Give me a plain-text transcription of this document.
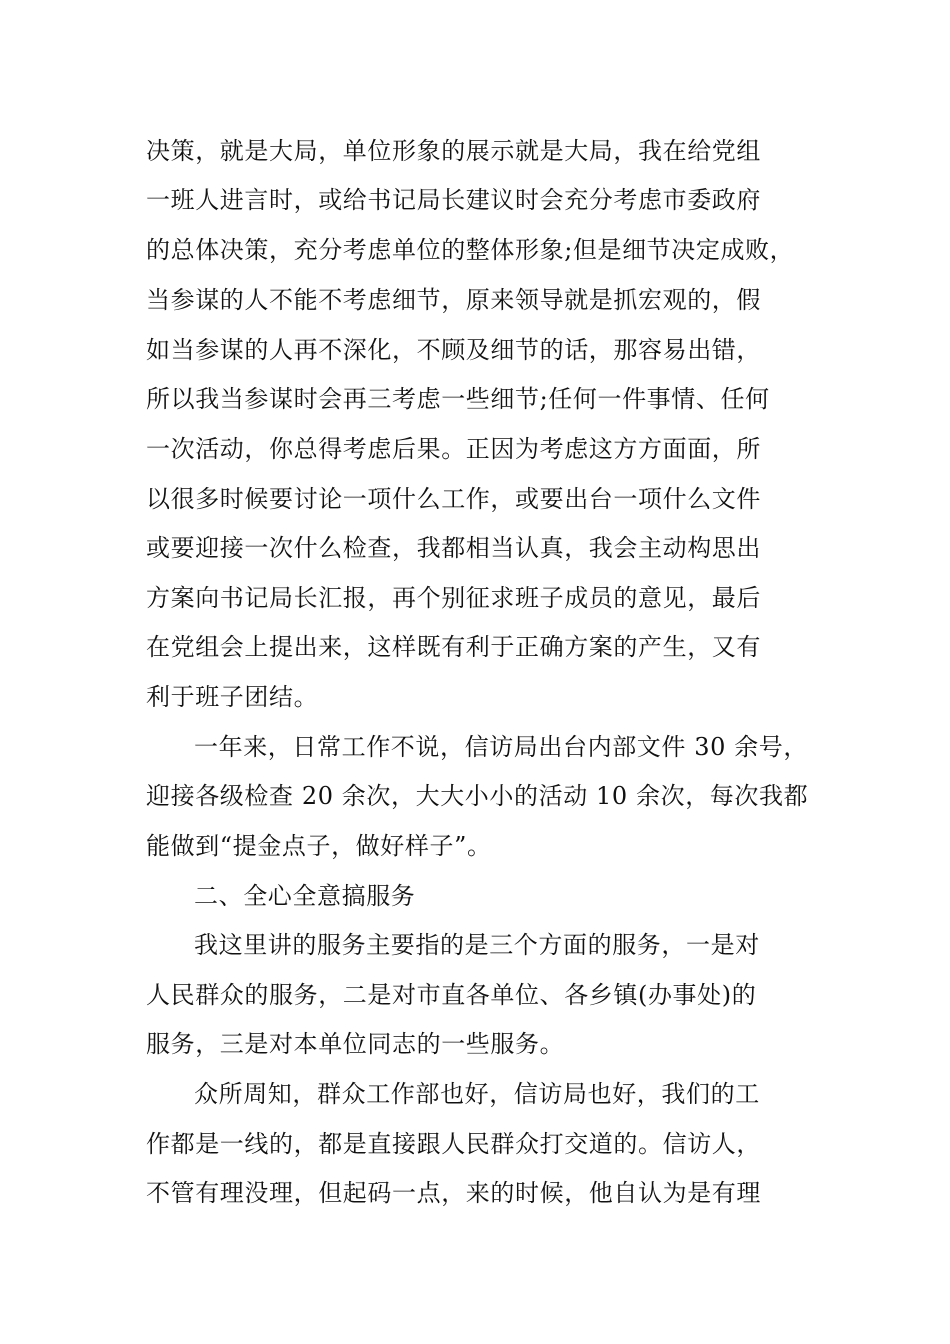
决策，就是大局，单位形象的展示就是大局，我在给党组

一班人进言时，或给书记局长建议时会充分考虑市委政府

的总体决策，充分考虑单位的整体形象;但是细节决定成败，

当参谋的人不能不考虑细节，原来领导就是抓宏观的，假

如当参谋的人再不深化，不顾及细节的话，那容易出错，

所以我当参谋时会再三考虑一些细节;任何一件事情、任何

一次活动，你总得考虑后果。正因为考虑这方方面面，所

以很多时候要讨论一项什么工作，或要出台一项什么文件

或要迎接一次什么检查，我都相当认真，我会主动构思出

方案向书记局长汇报，再个别征求班子成员的意见，最后

在党组会上提出来，这样既有利于正确方案的产生，又有

利于班子团结。

一年来，日常工作不说，信访局出台内部文件 30 余号，

迎接各级检查 20 余次，大大小小的活动 10 余次，每次我都

能做到“提金点子，做好样子”。

二、全心全意搞服务

我这里讲的服务主要指的是三个方面的服务，一是对

人民群众的服务，二是对市直各单位、各乡镇(办事处)的

服务，三是对本单位同志的一些服务。

众所周知，群众工作部也好，信访局也好，我们的工

作都是一线的，都是直接跟人民群众打交道的。信访人，

不管有理没理，但起码一点，来的时候，他自认为是有理
